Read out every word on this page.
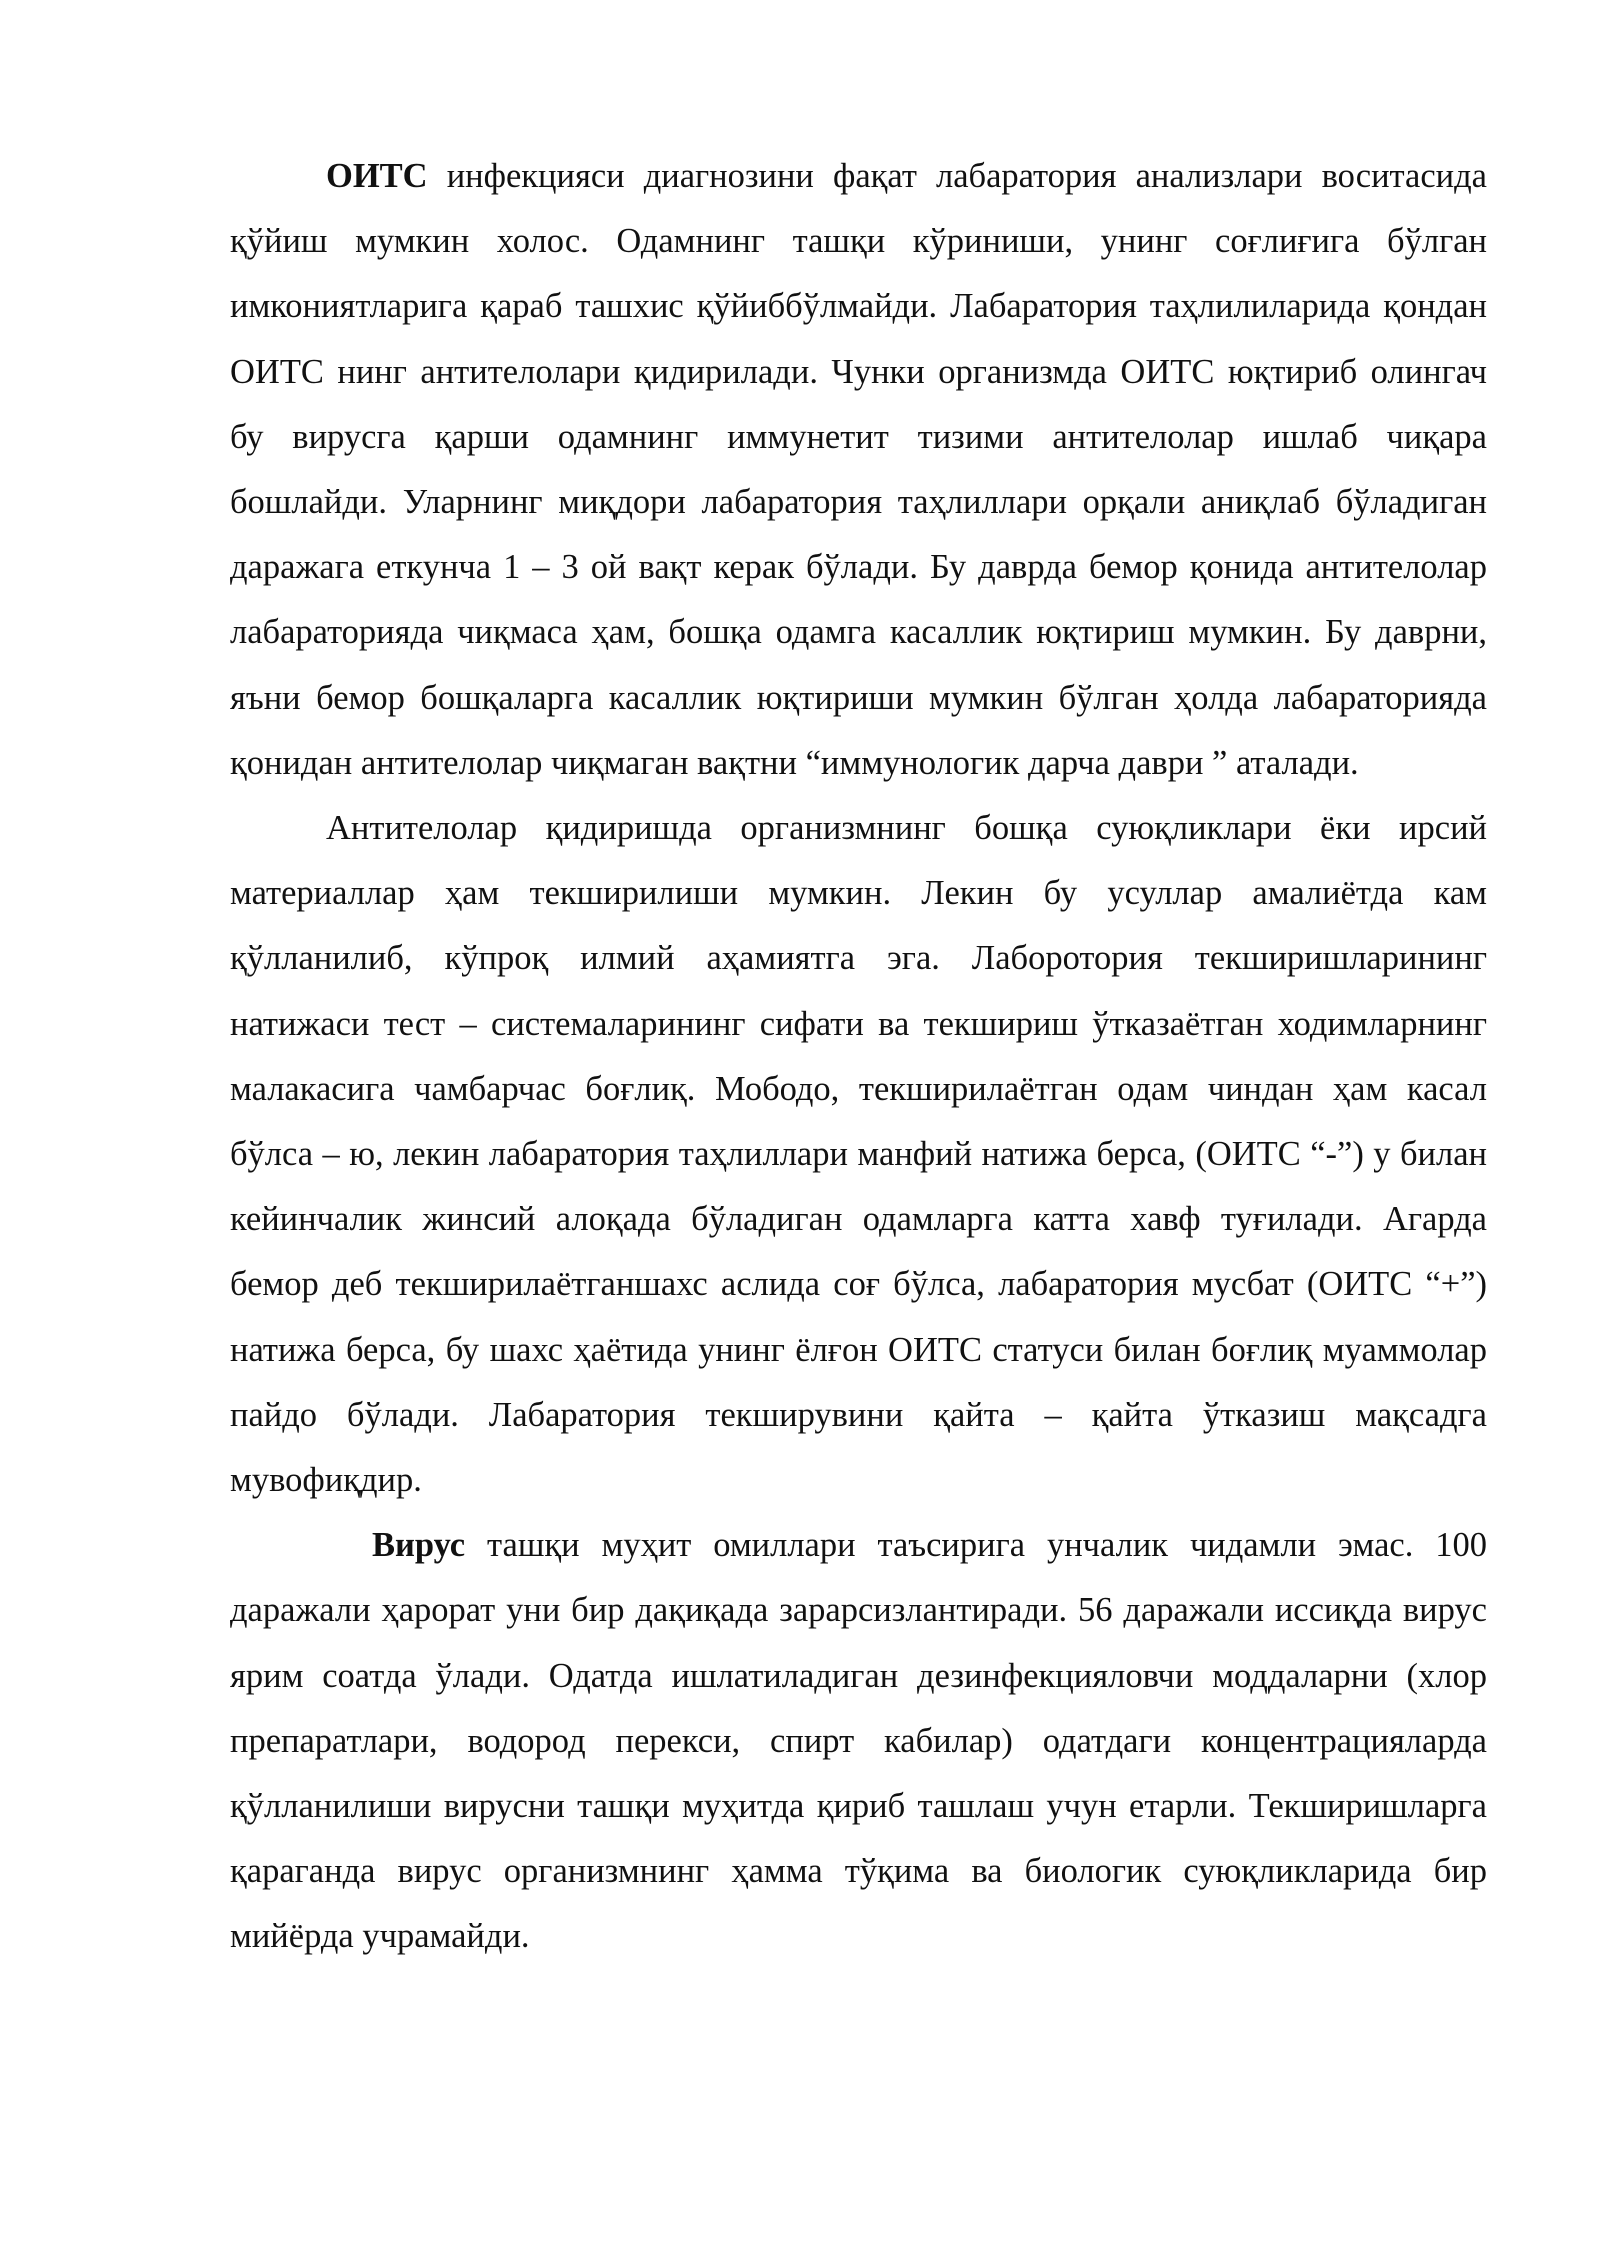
ОИТС инфекцияси диагнозини фақат лабаратория анализлари воситасида қўйиш мумкин холос. Одамнинг ташқи кўриниши, унинг соғлиғига бўлган имкониятларига қараб ташхис қўйиббўлмайди. Лабаратория таҳлилиларида қондан ОИТС нинг антителолари қидирилади. Чунки организмда ОИТС юқтириб олингач бу вирусга қарши одамнинг иммунетит тизими антителолар ишлаб чиқара бошлайди. Уларнинг миқдори лабаратория таҳлиллари орқали аниқлаб бўладиган даражага еткунча 1 – 3 ой вақт керак бўлади. Бу даврда бемор қонида антителолар лабараторияда чиқмаса ҳам, бошқа одамга касаллик юқтириш мумкин. Бу даврни, яъни бемор бошқаларга касаллик юқтириши мумкин бўлган ҳолда лабараторияда қонидан антителолар чиқмаган вақтни “иммунологик дарча даври ” аталади.

Антителолар қидиришда организмнинг бошқа суюқликлари ёки ирсий материаллар ҳам текширилиши мумкин. Лекин бу усуллар амалиётда кам қўлланилиб, кўпроқ илмий аҳамиятга эга. Лаборотория текширишларининг натижаси тест – системаларининг сифати ва текшириш ўтказаётган ходимларнинг малакасига чамбарчас боғлиқ. Мободо, текширилаётган одам чиндан ҳам касал бўлса – ю, лекин лабаратория таҳлиллари манфий натижа берса, (ОИТС “-”) у билан кейинчалик жинсий алоқада бўладиган одамларга катта хавф туғилади. Агарда бемор деб текширилаётганшахс аслида соғ бўлса, лабаратория мусбат (ОИТС “+”) натижа берса, бу шахс ҳаётида унинг ёлғон ОИТС статуси билан боғлиқ муаммолар пайдо бўлади. Лабаратория текширувини қайта – қайта ўтказиш мақсадга мувофиқдир.

Вирус ташқи муҳит омиллари таъсирига унчалик чидамли эмас. 100 даражали ҳарорат уни бир дақиқада зарарсизлантиради. 56 даражали иссиқда вирус ярим соатда ўлади. Одатда ишлатиладиган дезинфекцияловчи моддаларни (хлор препаратлари, водород перекси, спирт кабилар) одатдаги концентрацияларда қўлланилиши вирусни ташқи муҳитда қириб ташлаш учун етарли. Текширишларга қараганда вирус организмнинг ҳамма тўқима ва биологик суюқликларида бир мийёрда учрамайди.
